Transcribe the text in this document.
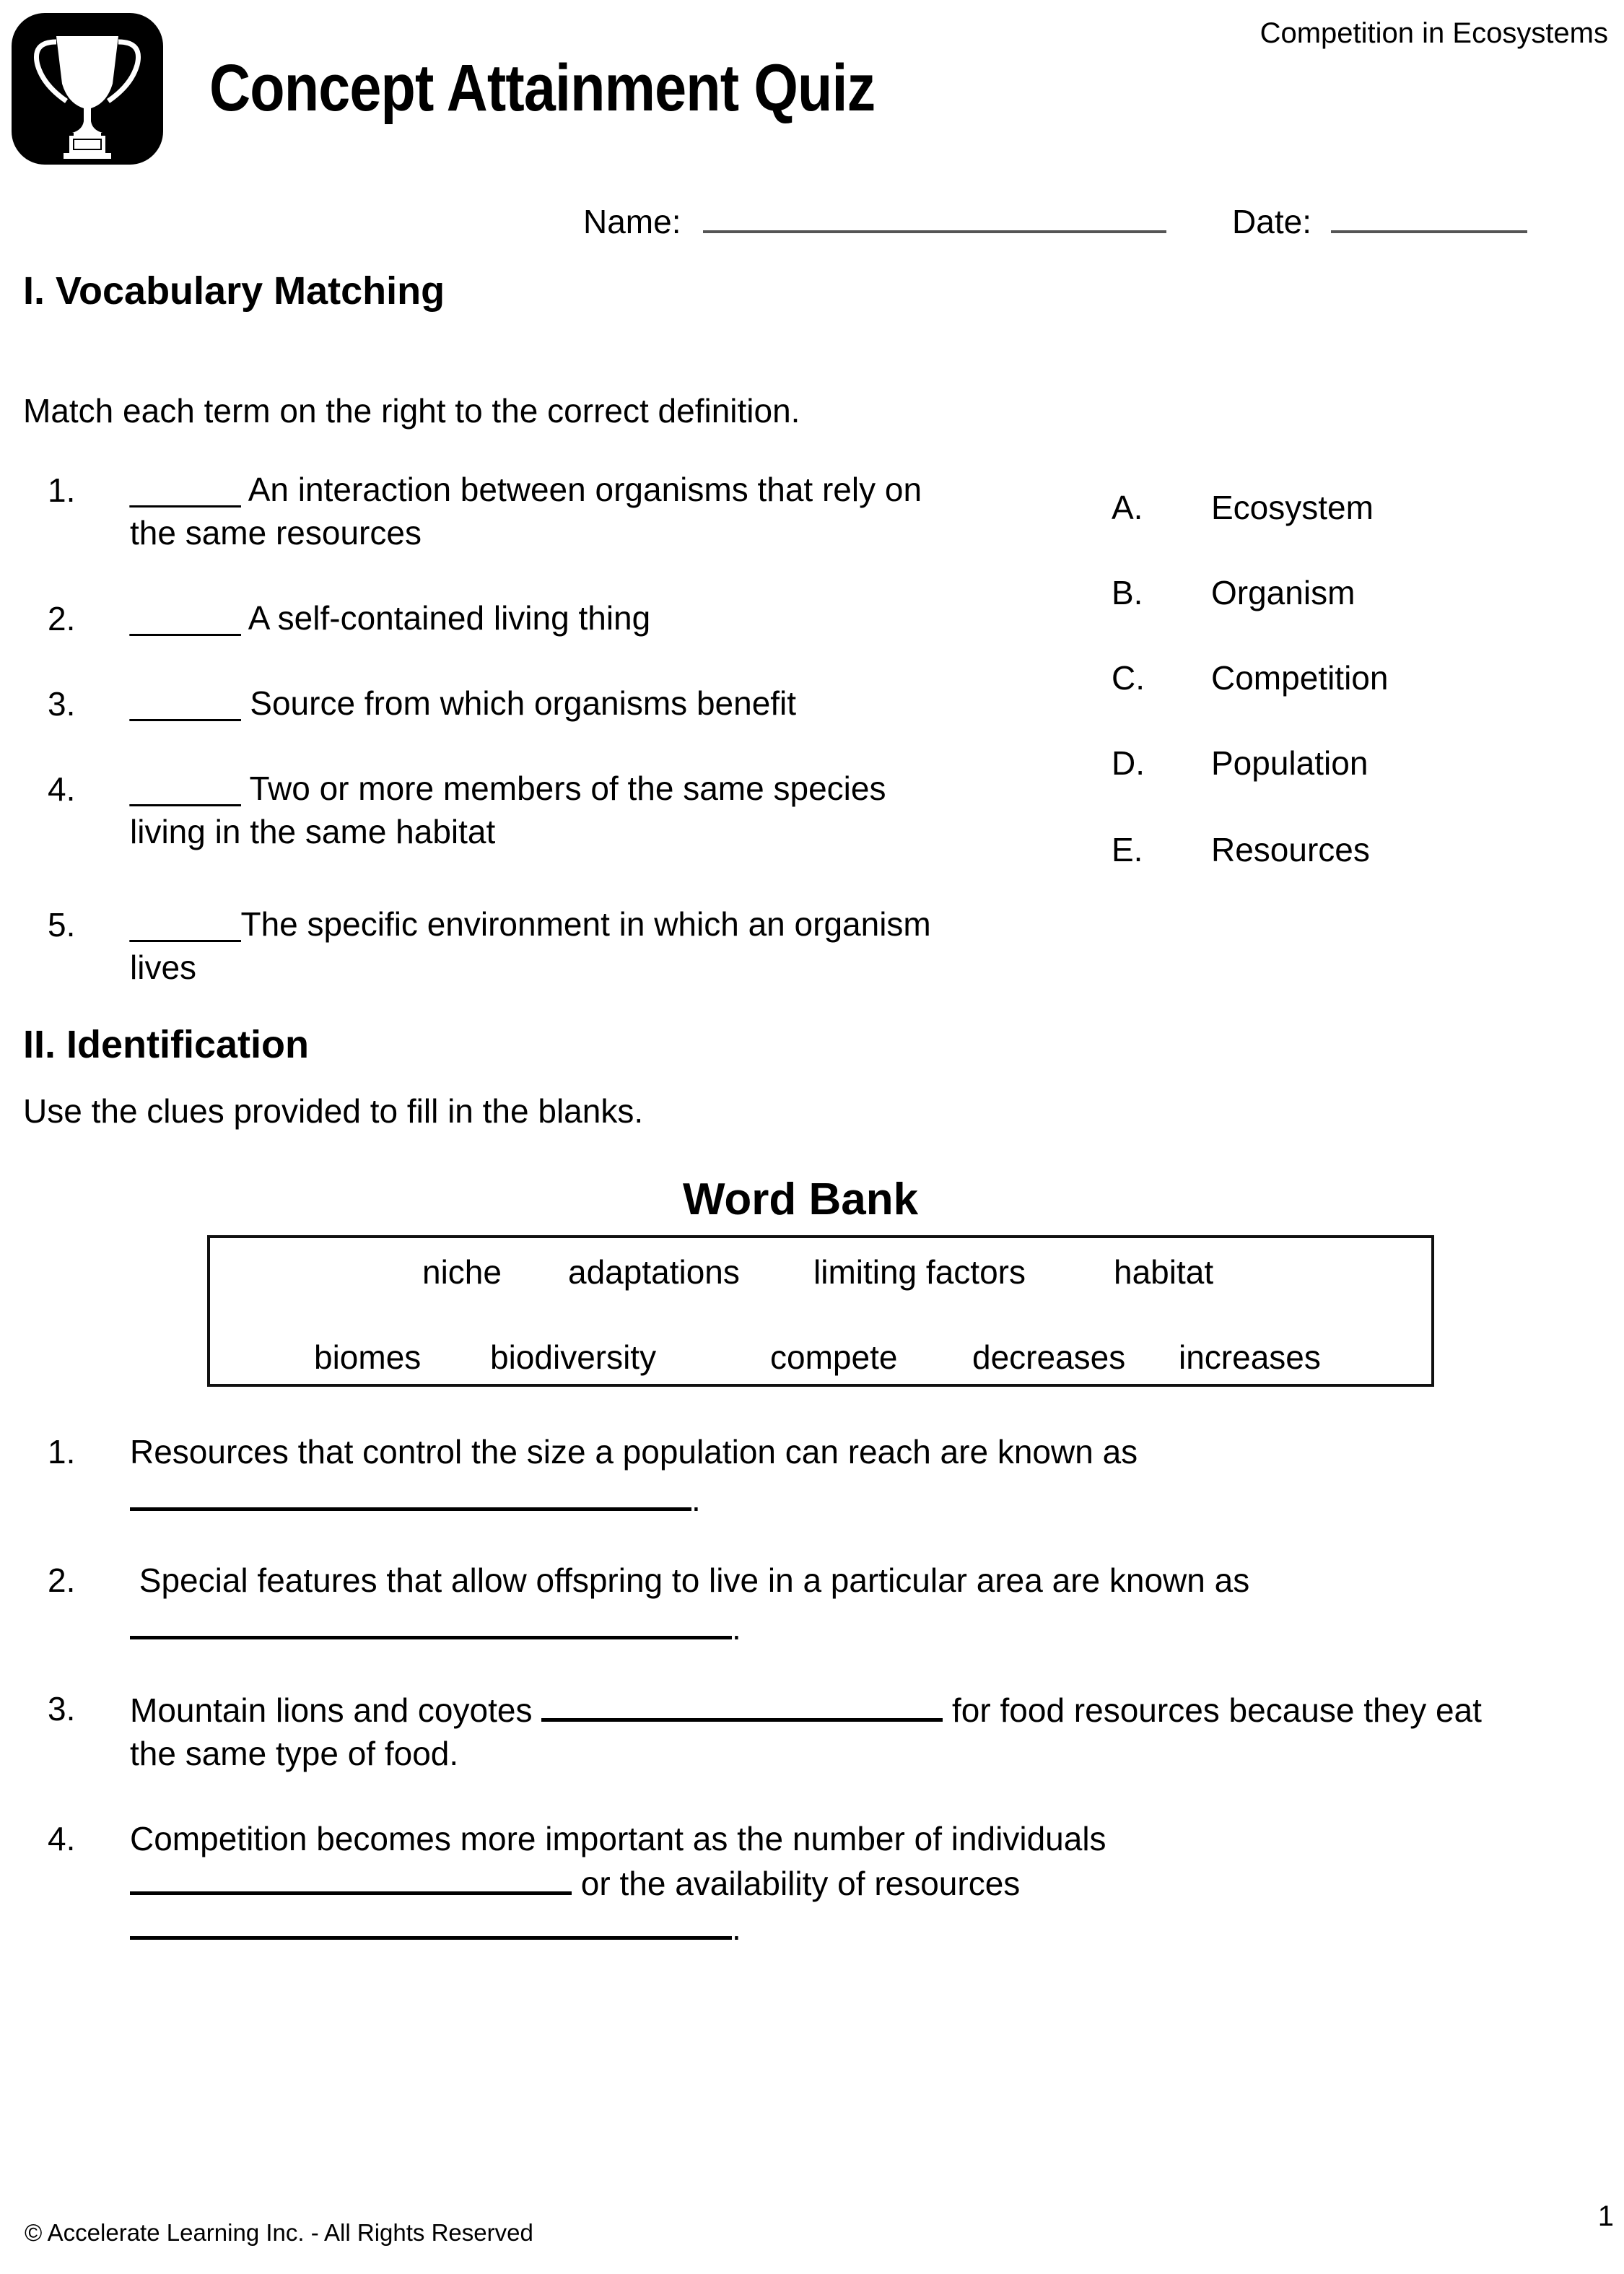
Concept Attainment Quiz
Competition in Ecosystems
Name:	Date:
I. Vocabulary Matching
Match each term on the right to the correct definition.
1. ______ An interaction between organisms that rely on
the same resources
2. ______ A self-contained living thing
3. ______ Source from which organisms benefit
4. ______ Two or more members of the same species
living in the same habitat
5. ______The specific environment in which an organism
lives
A. Ecosystem
B. Organism
C. Competition
D. Population
E. Resources
II. Identification
Use the clues provided to fill in the blanks.
Word Bank
niche adaptations limiting factors	habitat
biomes biodiversity	compete decreases increases
1. Resources that control the size a population can reach are known as
.
2. Special features that allow offspring to live in a particular area are known as
.
3. Mountain lions and coyotes	for food resources because they eat
the same type of food.
4. Competition becomes more important as the number of individuals
or the availability of resources
.
© Accelerate Learning Inc. - All Rights Reserved
1
